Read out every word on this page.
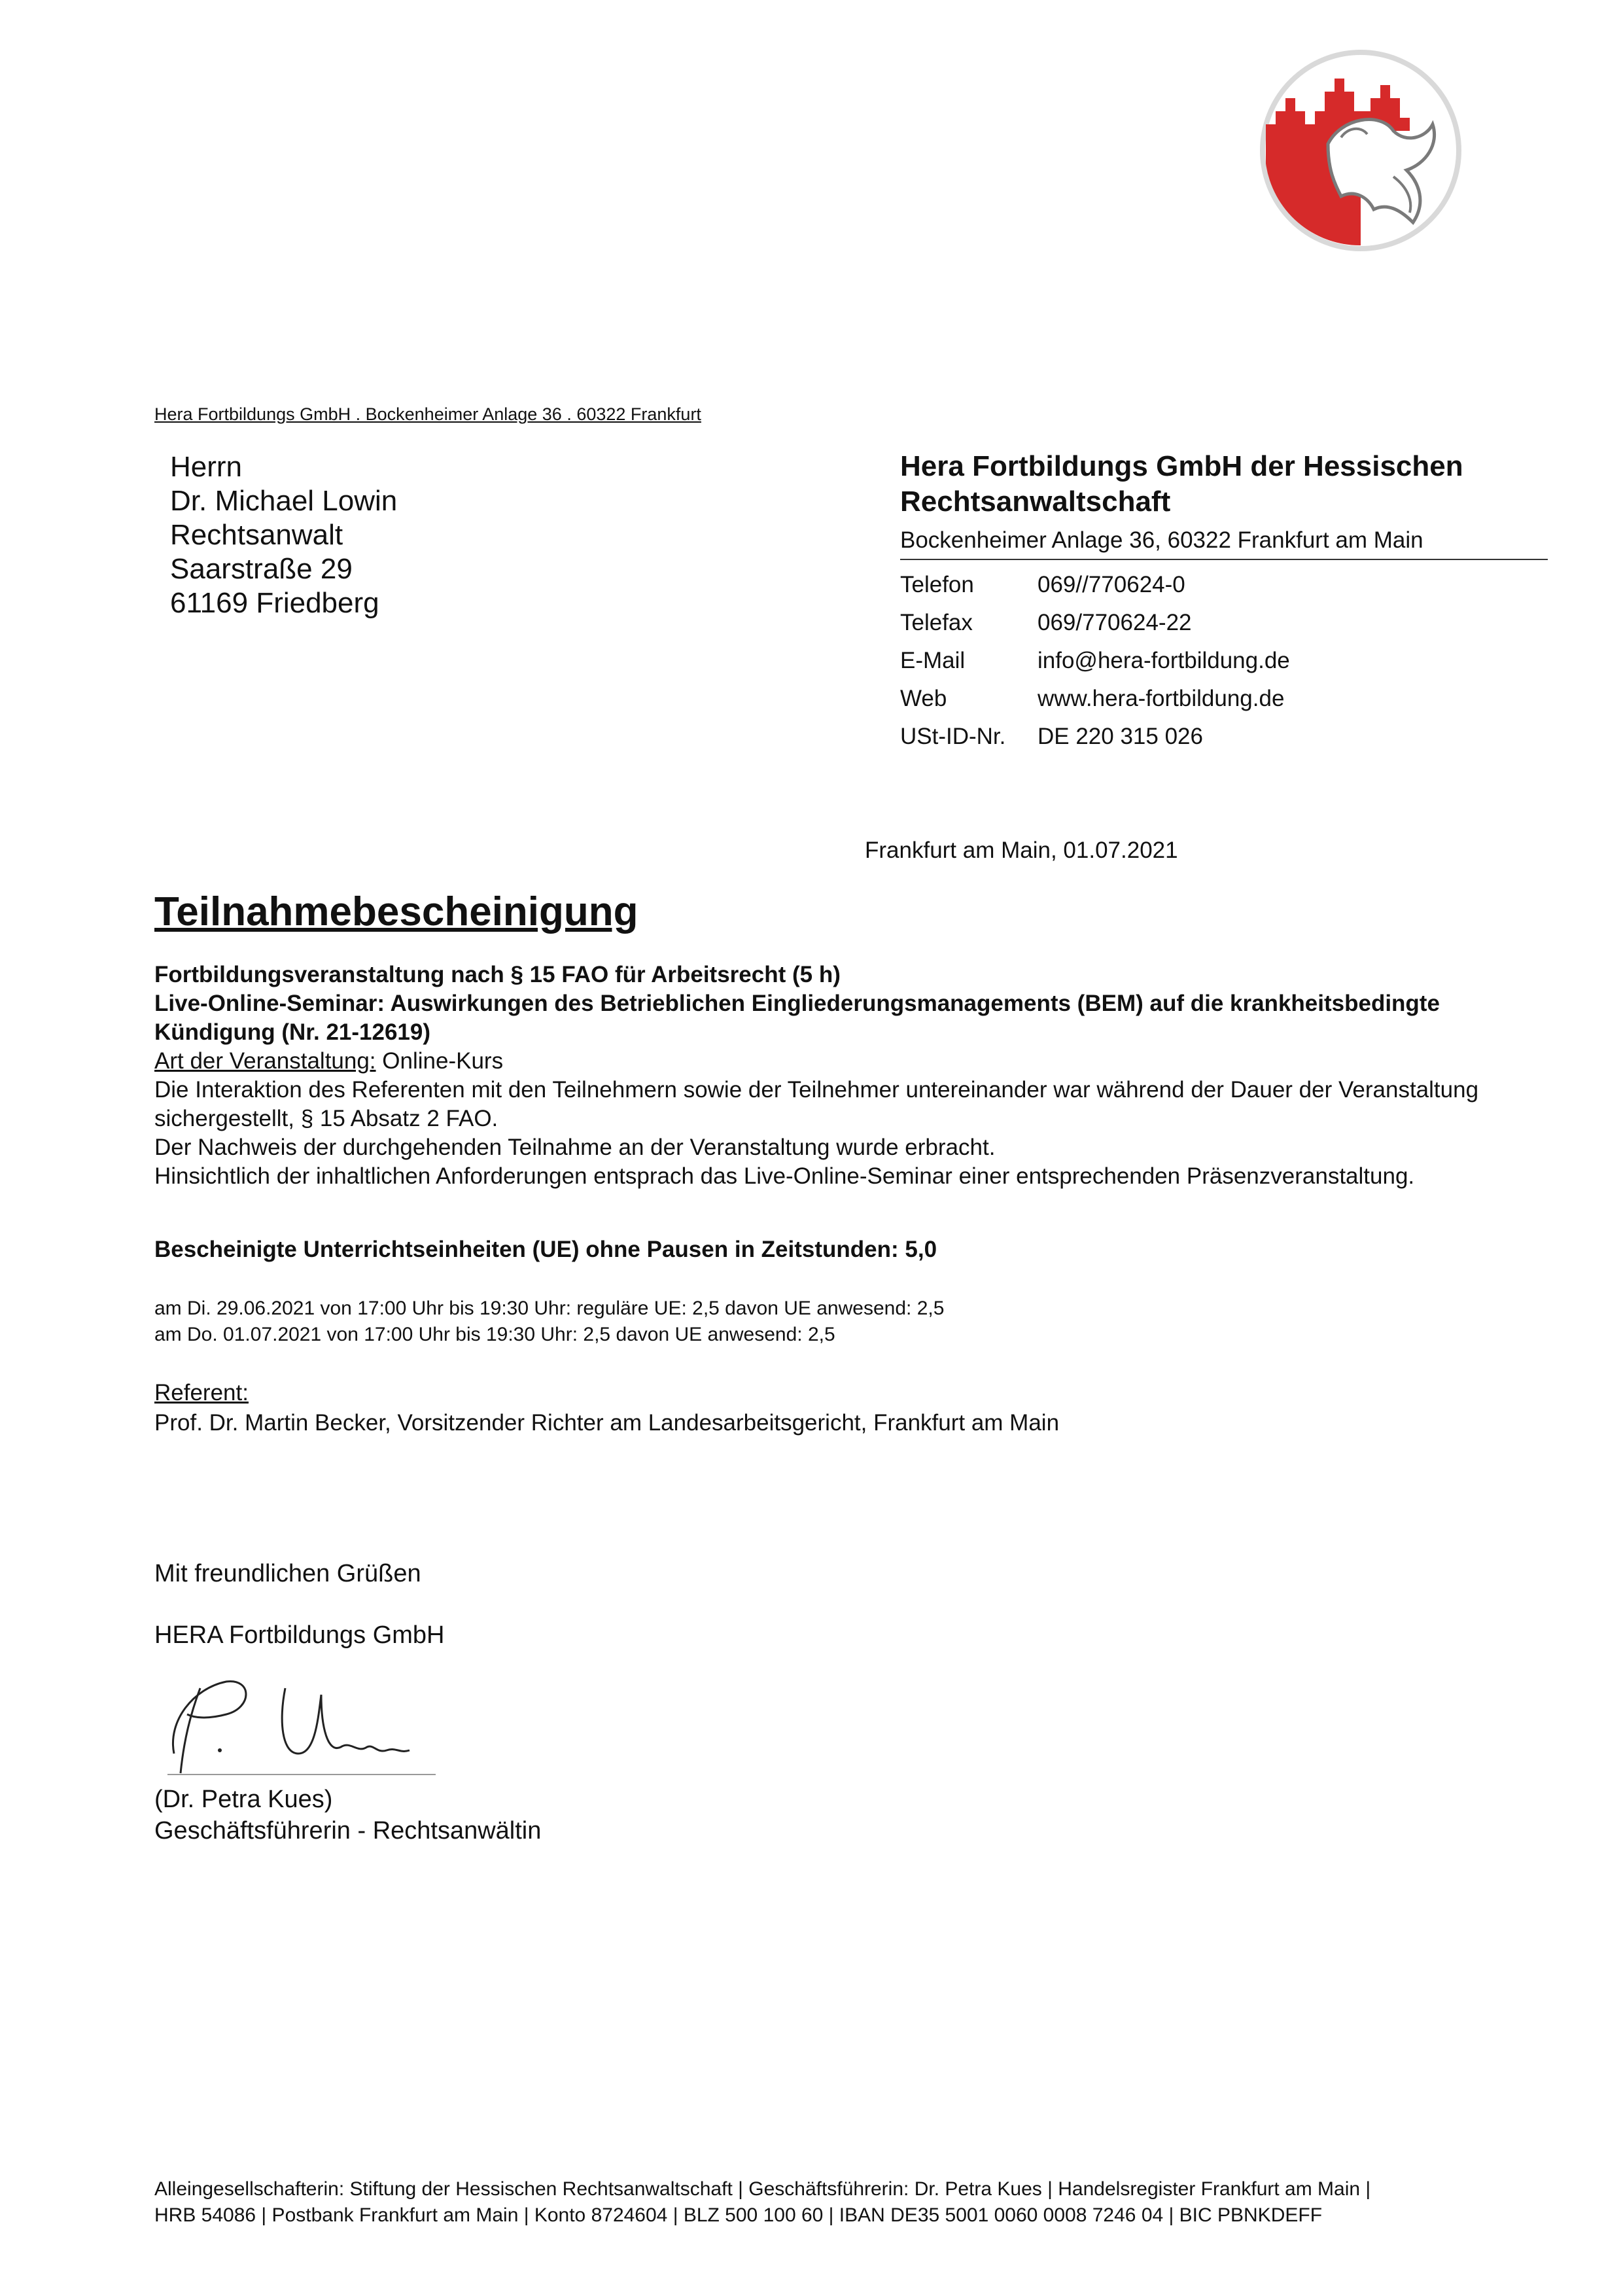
Hera Fortbildungs GmbH . Bockenheimer Anlage 36 . 60322 Frankfurt
Herrn
Dr. Michael Lowin
Rechtsanwalt
Saarstraße 29
61169 Friedberg
Hera Fortbildungs GmbH der Hessischen
Rechtsanwaltschaft
Bockenheimer Anlage 36, 60322 Frankfurt am Main
Telefon	069//770624-0
Telefax	069/770624-22
E-Mail	info@hera-fortbildung.de
Web	www.hera-fortbildung.de
USt-ID-Nr. DE 220 315 026
Frankfurt am Main, 01.07.2021
Teilnahmebescheinigung

Fortbildungsveranstaltung nach § 15 FAO für Arbeitsrecht (5 h)

Live-Online-Seminar: Auswirkungen des Betrieblichen Eingliederungsmanagements (BEM) auf die krankheitsbedingte Kündigung (Nr. 21-12619)

Art der Veranstaltung: Online-Kurs

Die Interaktion des Referenten mit den Teilnehmern sowie der Teilnehmer untereinander war während der Dauer der Veranstaltung sichergestellt, § 15 Absatz 2 FAO.

Der Nachweis der durchgehenden Teilnahme an der Veranstaltung wurde erbracht.

Hinsichtlich der inhaltlichen Anforderungen entsprach das Live-Online-Seminar einer entsprechenden Präsenzveranstaltung.

Bescheinigte Unterrichtseinheiten (UE) ohne Pausen in Zeitstunden: 5,0
am Di. 29.06.2021 von 17:00 Uhr bis 19:30 Uhr: reguläre UE: 2,5 davon UE anwesend: 2,5
am Do. 01.07.2021 von 17:00 Uhr bis 19:30 Uhr: 2,5 davon UE anwesend: 2,5
Referent:
Prof. Dr. Martin Becker, Vorsitzender Richter am Landesarbeitsgericht, Frankfurt am Main
Mit freundlichen Grüßen
HERA Fortbildungs GmbH
(Dr. Petra Kues)
Geschäftsführerin - Rechtsanwältin
Alleingesellschafterin: Stiftung der Hessischen Rechtsanwaltschaft | Geschäftsführerin: Dr. Petra Kues | Handelsregister Frankfurt am Main |
HRB 54086 | Postbank Frankfurt am Main | Konto 8724604 | BLZ 500 100 60 | IBAN DE35 5001 0060 0008 7246 04 | BIC PBNKDEFF
